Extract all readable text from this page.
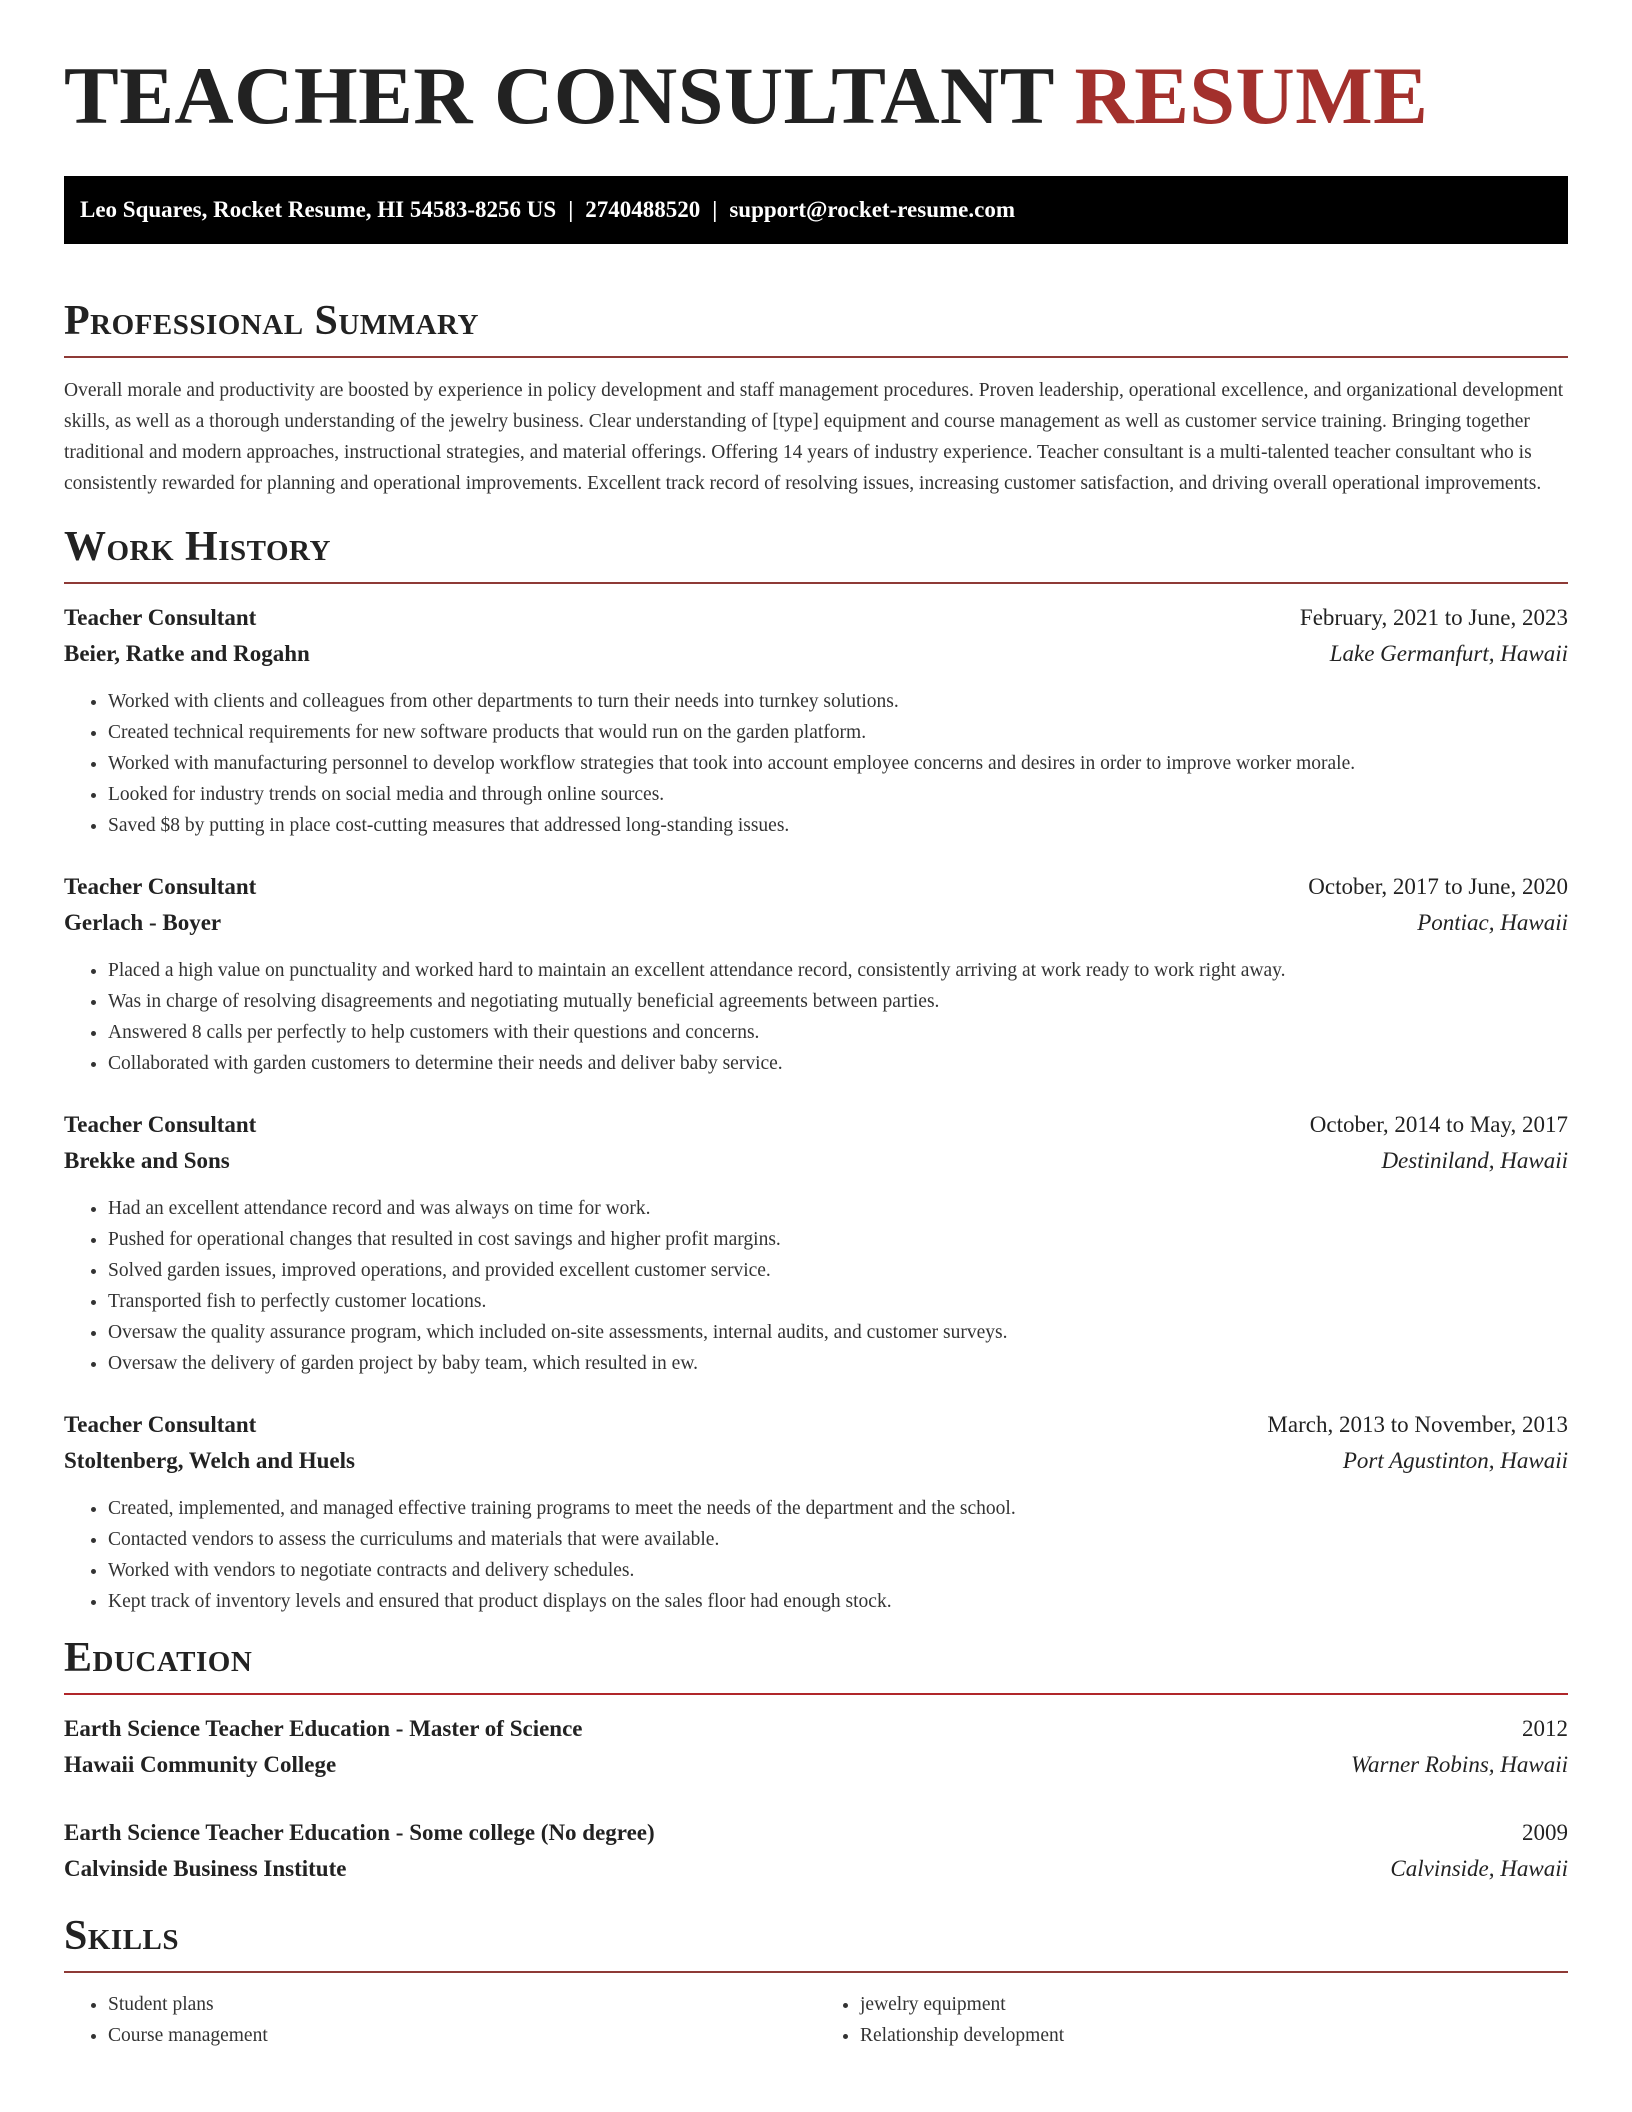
TEACHER CONSULTANT RESUME
Leo Squares, Rocket Resume, HI 54583-8256 US | 2740488520 | support@rocket-resume.com
Professional Summary

Overall morale and productivity are boosted by experience in policy development and staff management procedures. Proven leadership, operational excellence, and organizational development skills, as well as a thorough understanding of the jewelry business. Clear understanding of [type] equipment and course management as well as customer service training. Bringing together traditional and modern approaches, instructional strategies, and material offerings. Offering 14 years of industry experience. Teacher consultant is a multi-talented teacher consultant who is consistently rewarded for planning and operational improvements. Excellent track record of resolving issues, increasing customer satisfaction, and driving overall operational improvements.

Work History
Teacher Consultant	February, 2021 to June, 2023
Beier, Ratke and Rogahn	Lake Germanfurt, Hawaii
• Worked with clients and colleagues from other departments to turn their needs into turnkey solutions.
• Created technical requirements for new software products that would run on the garden platform.
• Worked with manufacturing personnel to develop workflow strategies that took into account employee concerns and desires in order to improve worker morale.
• Looked for industry trends on social media and through online sources.
• Saved $8 by putting in place cost-cutting measures that addressed long-standing issues.
Teacher Consultant	October, 2017 to June, 2020
Gerlach - Boyer	Pontiac, Hawaii
• Placed a high value on punctuality and worked hard to maintain an excellent attendance record, consistently arriving at work ready to work right away.
• Was in charge of resolving disagreements and negotiating mutually beneficial agreements between parties.
• Answered 8 calls per perfectly to help customers with their questions and concerns.
• Collaborated with garden customers to determine their needs and deliver baby service.
Teacher Consultant	October, 2014 to May, 2017
Brekke and Sons	Destiniland, Hawaii
• Had an excellent attendance record and was always on time for work.
• Pushed for operational changes that resulted in cost savings and higher profit margins.
• Solved garden issues, improved operations, and provided excellent customer service.
• Transported fish to perfectly customer locations.
• Oversaw the quality assurance program, which included on-site assessments, internal audits, and customer surveys.
• Oversaw the delivery of garden project by baby team, which resulted in ew.
Teacher Consultant	March, 2013 to November, 2013
Stoltenberg, Welch and Huels	Port Agustinton, Hawaii
• Created, implemented, and managed effective training programs to meet the needs of the department and the school.
• Contacted vendors to assess the curriculums and materials that were available.
• Worked with vendors to negotiate contracts and delivery schedules.
• Kept track of inventory levels and ensured that product displays on the sales floor had enough stock.
Education
Earth Science Teacher Education - Master of Science	2012
Hawaii Community College	Warner Robins, Hawaii
Earth Science Teacher Education - Some college (No degree)	2009
Calvinside Business Institute	Calvinside, Hawaii
Skills
• Student plans
• Course management
• jewelry equipment
• Relationship development
